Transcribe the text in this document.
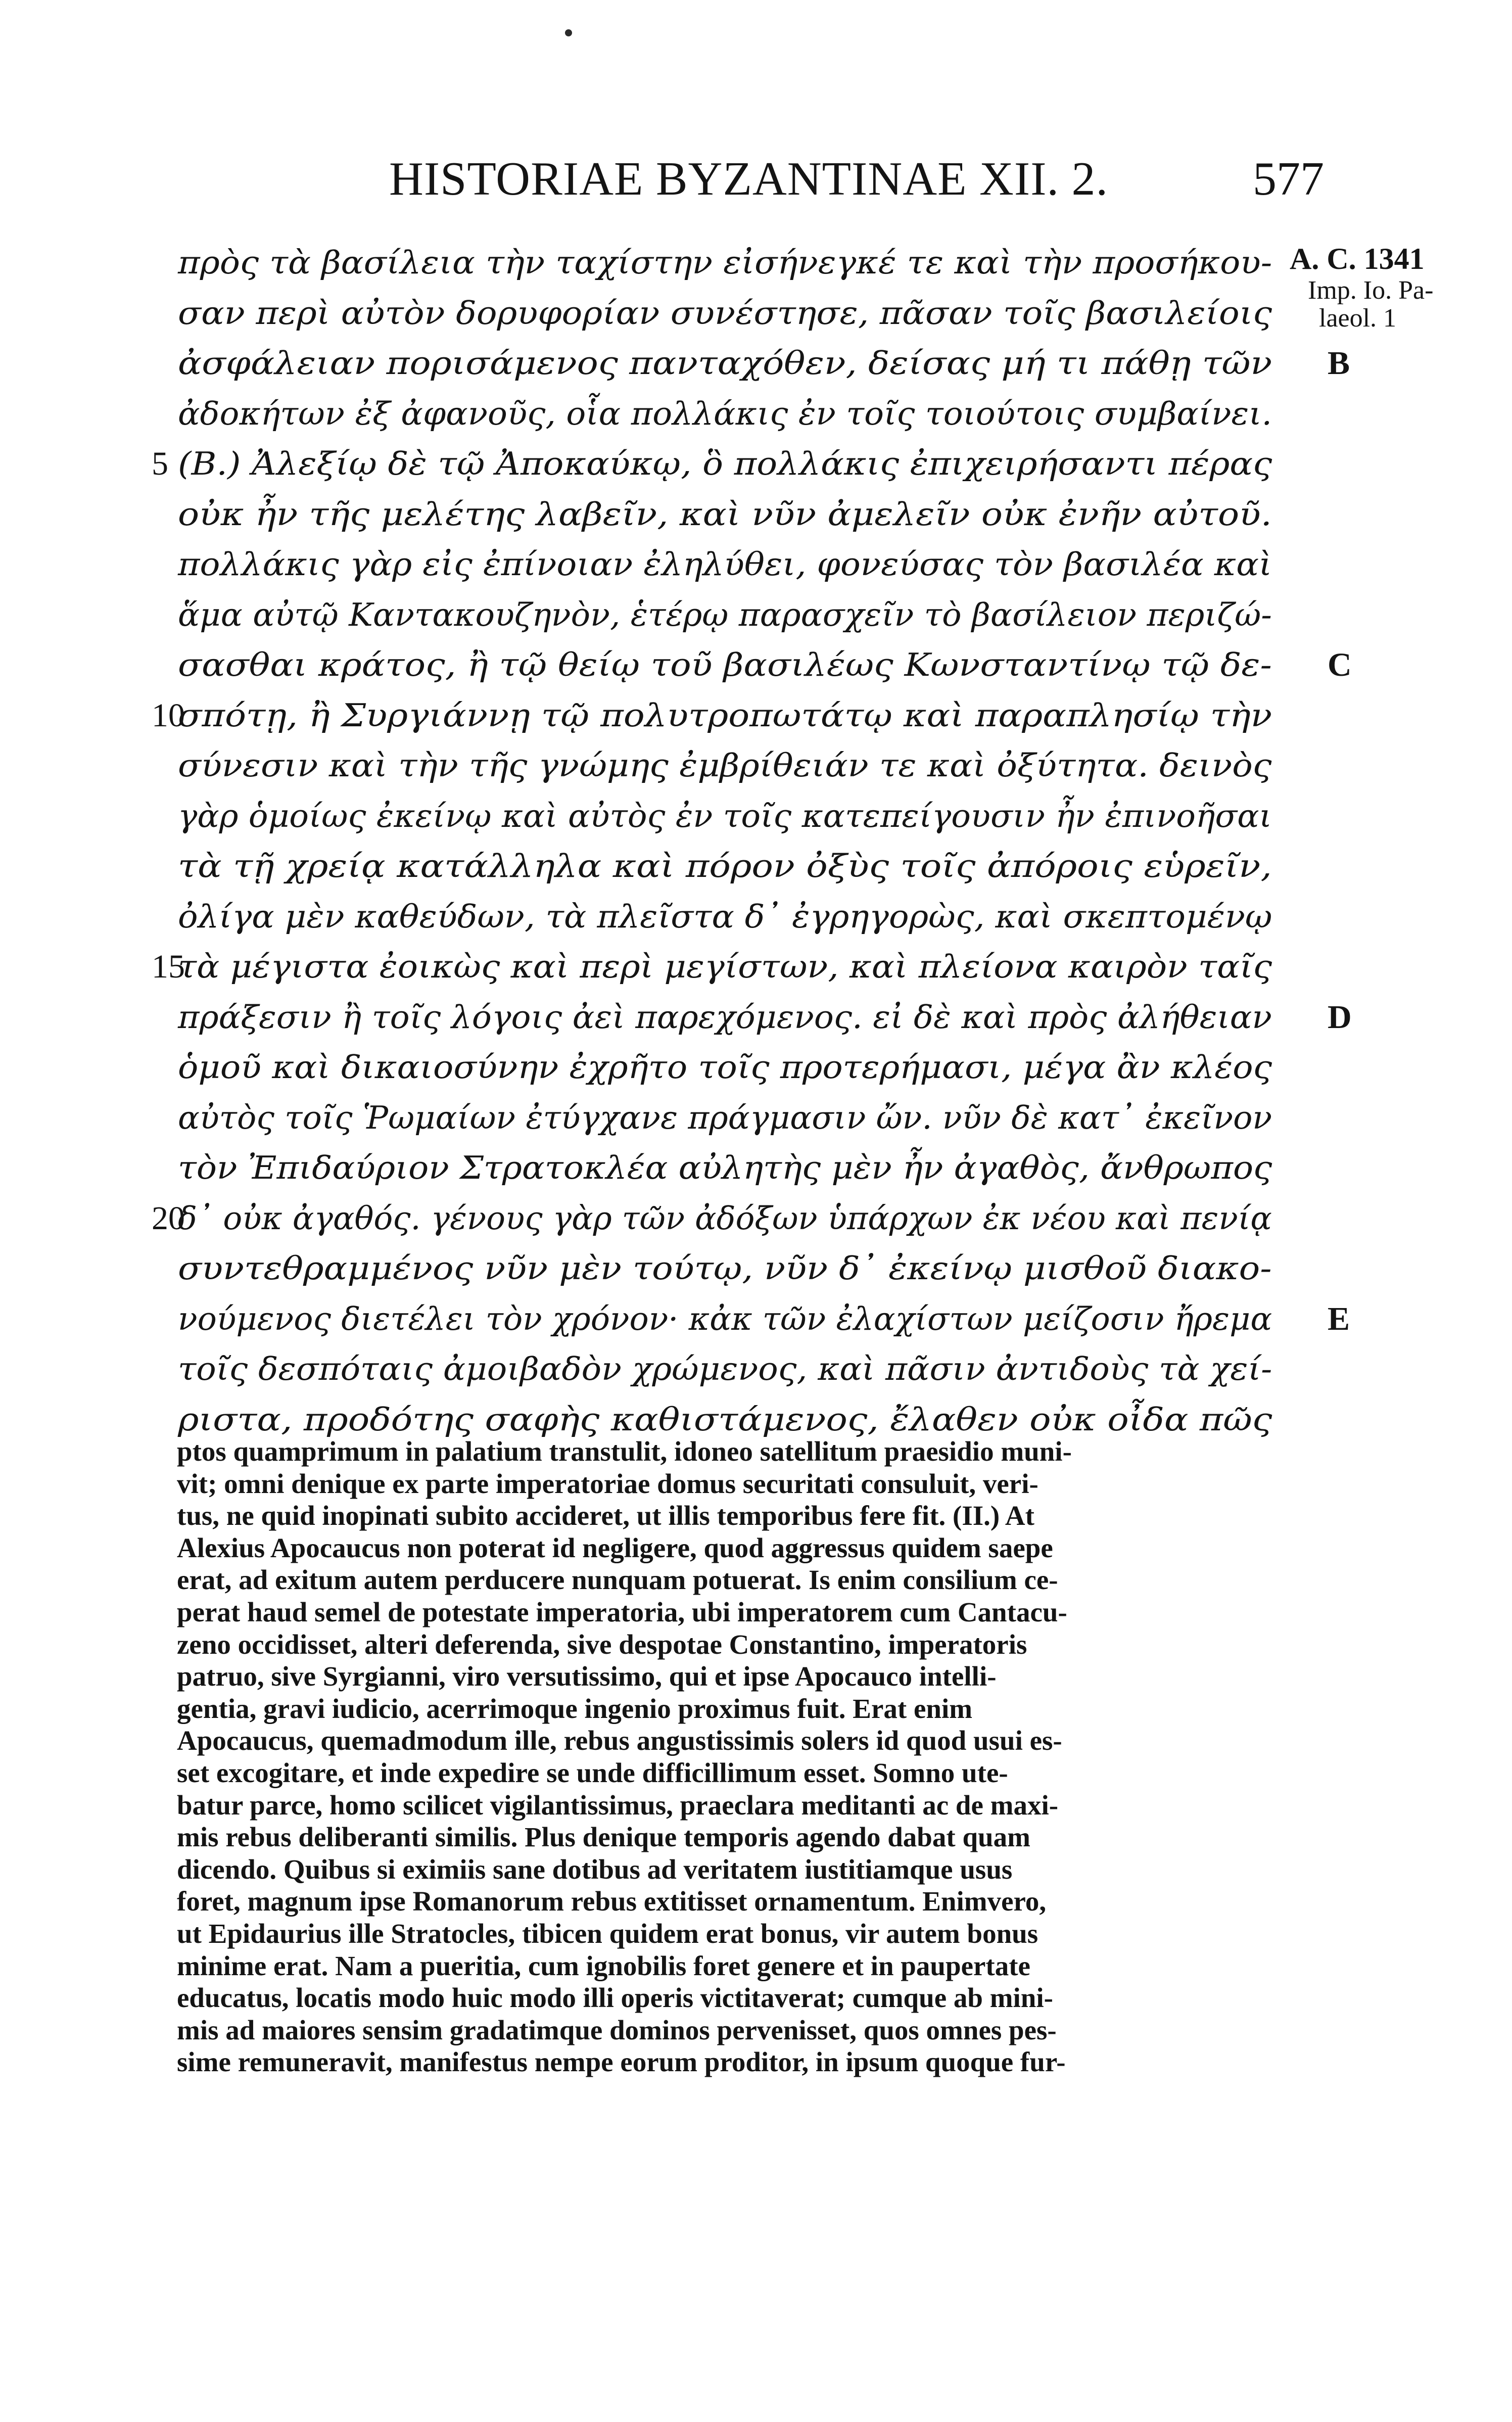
HISTORIAE BYZANTINAE XII. 2.	577
A. C. 1341
Imp. Io. Pa-
laeol. 1
πρὸς τὰ βασίλεια τὴν ταχίστην εἰσήνεγκέ τε καὶ τὴν προσήκου-
σαν περὶ αὐτὸν δορυφορίαν συνέστησε, πᾶσαν τοῖς βασιλείοις
ἀσφάλειαν πορισάμενος πανταχόθεν, δείσας μή τι πάθῃ τῶν B
ἀδοκήτων ἐξ ἀφανοῦς, οἷα πολλάκις ἐν τοῖς τοιούτοις συμβαίνει.
5 (B.) Ἀλεξίῳ δὲ τῷ Ἀποκαύκῳ, ὃ πολλάκις ἐπιχειρήσαντι πέρας
οὐκ ἦν τῆς μελέτης λαβεῖν, καὶ νῦν ἀμελεῖν οὐκ ἐνῆν αὐτοῦ.
πολλάκις γὰρ εἰς ἐπίνοιαν ἐληλύθει, φονεύσας τὸν βασιλέα καὶ
ἅμα αὐτῷ Καντακουζηνὸν, ἑτέρῳ παρασχεῖν τὸ βασίλειον περιζώ-
σασθαι κράτος, ἢ τῷ θείῳ τοῦ βασιλέως Κωνσταντίνῳ τῷ δε- C
10
σπότῃ, ἢ Συργιάννῃ τῷ πολυτροπωτάτῳ καὶ παραπλησίῳ τὴν
σύνεσιν καὶ τὴν τῆς γνώμης ἐμβρίθειάν τε καὶ ὀξύτητα. δεινὸς
γὰρ ὁμοίως ἐκείνῳ καὶ αὐτὸς ἐν τοῖς κατεπείγουσιν ἦν ἐπινοῆσαι
τὰ τῇ χρείᾳ κατάλληλα καὶ πόρον ὀξὺς τοῖς ἀπόροις εὑρεῖν,
ὀλίγα μὲν καθεύδων, τὰ πλεῖστα δ᾽ ἐγρηγορὼς, καὶ σκεπτομένῳ
15
τὰ μέγιστα ἐοικὼς καὶ περὶ μεγίστων, καὶ πλείονα καιρὸν ταῖς
πράξεσιν ἢ τοῖς λόγοις ἀεὶ παρεχόμενος. εἰ δὲ καὶ πρὸς ἀλήθειαν D
ὁμοῦ καὶ δικαιοσύνην ἐχρῆτο τοῖς προτερήμασι, μέγα ἂν κλέος
αὐτὸς τοῖς Ῥωμαίων ἐτύγχανε πράγμασιν ὤν. νῦν δὲ κατ᾽ ἐκεῖνον
τὸν Ἐπιδαύριον Στρατοκλέα αὐλητὴς μὲν ἦν ἀγαθὸς, ἄνθρωπος
20
δ᾽ οὐκ ἀγαθός. γένους γὰρ τῶν ἀδόξων ὑπάρχων ἐκ νέου καὶ πενίᾳ
συντεθραμμένος νῦν μὲν τούτῳ, νῦν δ᾽ ἐκείνῳ μισθοῦ διακο-
νούμενος διετέλει τὸν χρόνον· κἀκ τῶν ἐλαχίστων μείζοσιν ἤρεμα E
τοῖς δεσπόταις ἀμοιβαδὸν χρώμενος, καὶ πᾶσιν ἀντιδοὺς τὰ χεί-
ριστα, προδότης σαφὴς καθιστάμενος, ἔλαθεν οὐκ οἶδα πῶς
ptos quamprimum in palatium transtulit, idoneo satellitum praesidio muni-
vit; omni denique ex parte imperatoriae domus securitati consuluit, veri-
tus, ne quid inopinati subito accideret, ut illis temporibus fere fit. (II.) At
Alexius Apocaucus non poterat id negligere, quod aggressus quidem saepe
erat, ad exitum autem perducere nunquam potuerat. Is enim consilium ce-
perat haud semel de potestate imperatoria, ubi imperatorem cum Cantacu-
zeno occidisset, alteri deferenda, sive despotae Constantino, imperatoris
patruo, sive Syrgianni, viro versutissimo, qui et ipse Apocauco intelli-
gentia, gravi iudicio, acerrimoque ingenio proximus fuit. Erat enim
Apocaucus, quemadmodum ille, rebus angustissimis solers id quod usui es-
set excogitare, et inde expedire se unde difficillimum esset. Somno ute-
batur parce, homo scilicet vigilantissimus, praeclara meditanti ac de maxi-
mis rebus deliberanti similis. Plus denique temporis agendo dabat quam
dicendo. Quibus si eximiis sane dotibus ad veritatem iustitiamque usus
foret, magnum ipse Romanorum rebus extitisset ornamentum. Enimvero,
ut Epidaurius ille Stratocles, tibicen quidem erat bonus, vir autem bonus
minime erat. Nam a pueritia, cum ignobilis foret genere et in paupertate
educatus, locatis modo huic modo illi operis victitaverat; cumque ab mini-
mis ad maiores sensim gradatimque dominos pervenisset, quos omnes pes-
sime remuneravit, manifestus nempe eorum proditor, in ipsum quoque fur-
